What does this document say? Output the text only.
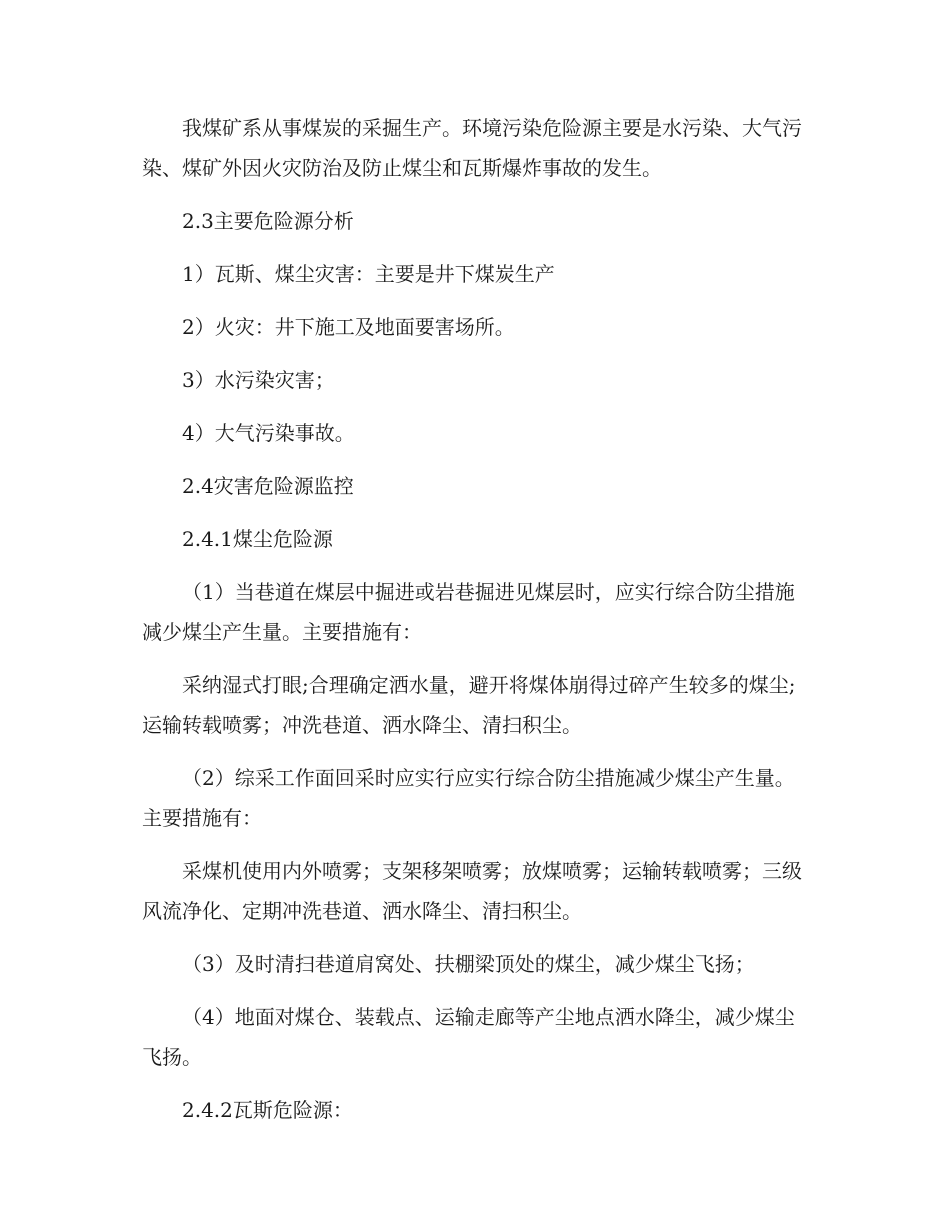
我煤矿系从事煤炭的采掘生产。环境污染危险源主要是水污染、大气污染、煤矿外因火灾防治及防止煤尘和瓦斯爆炸事故的发生。

2.3主要危险源分析

1）瓦斯、煤尘灾害：主要是井下煤炭生产

2）火灾：井下施工及地面要害场所。

3）水污染灾害；

4）大气污染事故。

2.4灾害危险源监控

2.4.1煤尘危险源

（1）当巷道在煤层中掘进或岩巷掘进见煤层时，应实行综合防尘措施减少煤尘产生量。主要措施有：

采纳湿式打眼;合理确定洒水量，避开将煤体崩得过碎产生较多的煤尘;运输转载喷雾；冲洗巷道、洒水降尘、清扫积尘。

（2）综采工作面回采时应实行应实行综合防尘措施减少煤尘产生量。主要措施有：

采煤机使用内外喷雾；支架移架喷雾；放煤喷雾；运输转载喷雾；三级风流净化、定期冲洗巷道、洒水降尘、清扫积尘。

（3）及时清扫巷道肩窝处、扶棚梁顶处的煤尘，减少煤尘飞扬；

（4）地面对煤仓、装载点、运输走廊等产尘地点洒水降尘，减少煤尘飞扬。

2.4.2瓦斯危险源：
